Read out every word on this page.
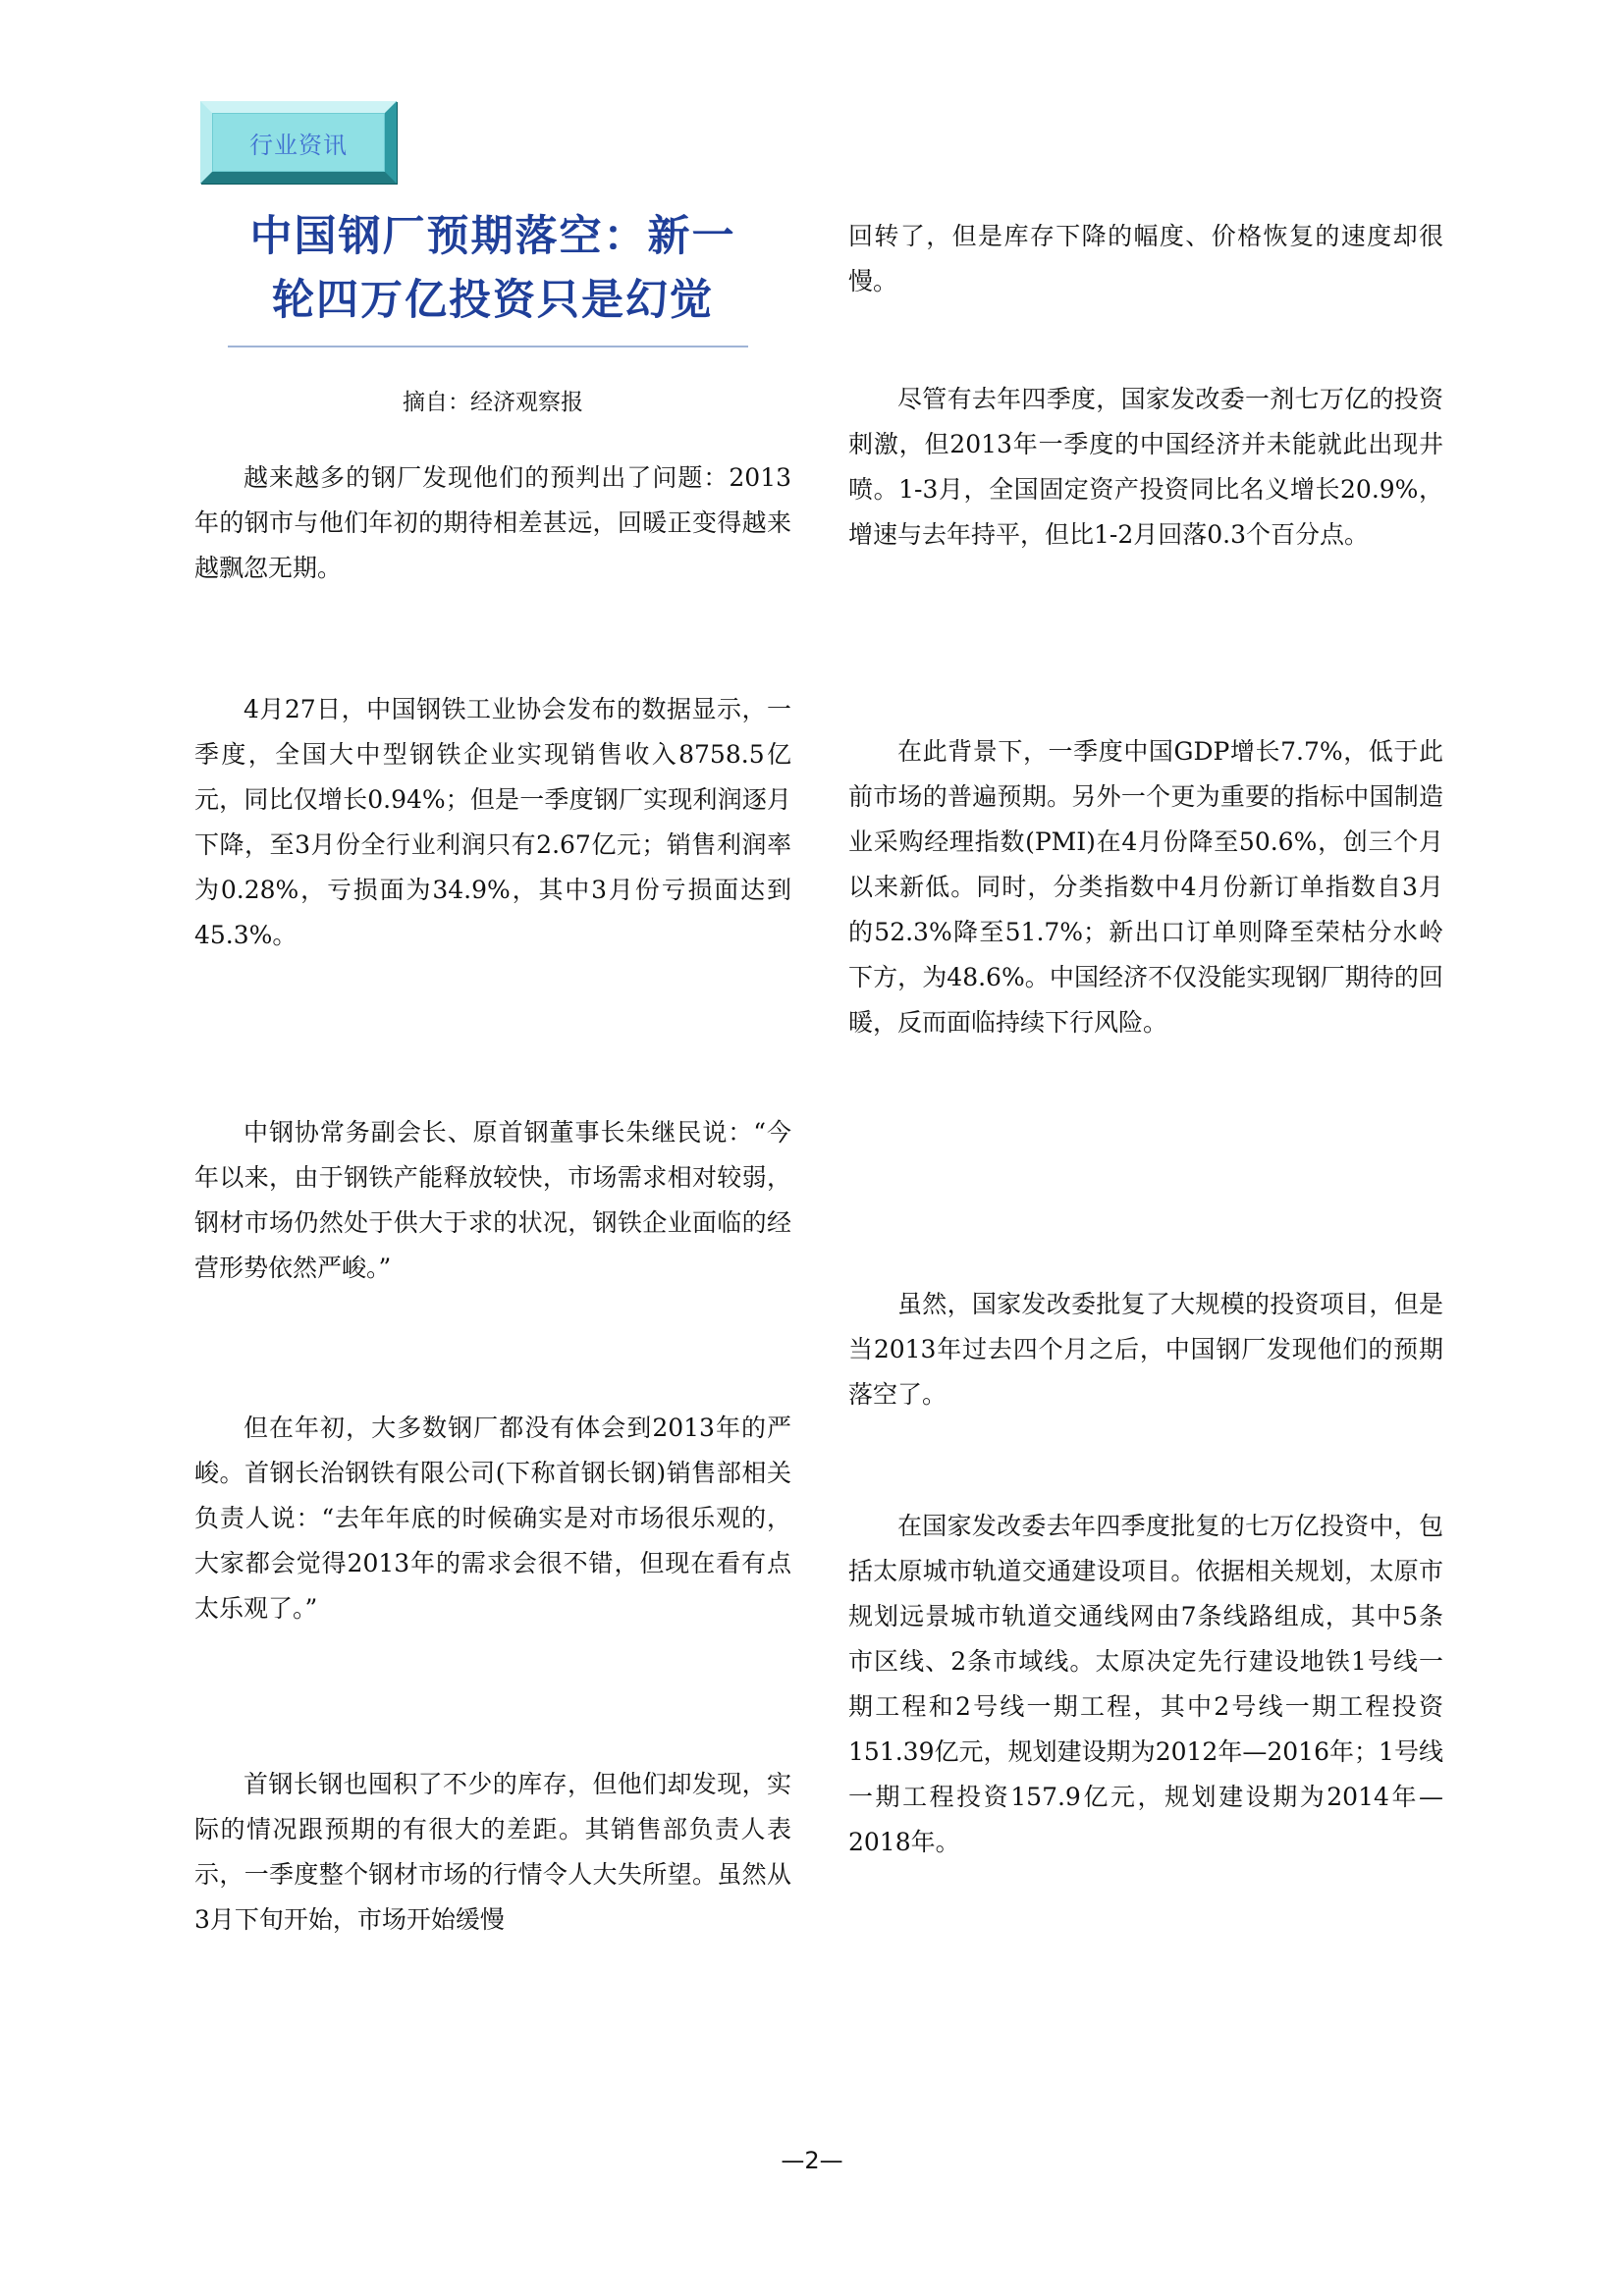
行业资讯
中国钢厂预期落空：新一
轮四万亿投资只是幻觉
摘自：经济观察报

越来越多的钢厂发现他们的预判出了问题：2013年的钢市与他们年初的期待相差甚远，回暖正变得越来越飘忽无期。

4月27日，中国钢铁工业协会发布的数据显示，一季度，全国大中型钢铁企业实现销售收入8758.5亿元，同比仅增长0.94%；但是一季度钢厂实现利润逐月下降，至3月份全行业利润只有2.67亿元；销售利润率为0.28%，亏损面为34.9%，其中3月份亏损面达到45.3%。

中钢协常务副会长、原首钢董事长朱继民说：“今年以来，由于钢铁产能释放较快，市场需求相对较弱，钢材市场仍然处于供大于求的状况，钢铁企业面临的经营形势依然严峻。”

但在年初，大多数钢厂都没有体会到2013年的严峻。首钢长治钢铁有限公司(下称首钢长钢)销售部相关负责人说：“去年年底的时候确实是对市场很乐观的，大家都会觉得2013年的需求会很不错，但现在看有点太乐观了。”

首钢长钢也囤积了不少的库存，但他们却发现，实际的情况跟预期的有很大的差距。其销售部负责人表示，一季度整个钢材市场的行情令人大失所望。虽然从3月下旬开始，市场开始缓慢

回转了，但是库存下降的幅度、价格恢复的速度却很慢。

尽管有去年四季度，国家发改委一剂七万亿的投资刺激，但2013年一季度的中国经济并未能就此出现井喷。1-3月，全国固定资产投资同比名义增长20.9%，增速与去年持平，但比1-2月回落0.3个百分点。

在此背景下，一季度中国GDP增长7.7%，低于此前市场的普遍预期。另外一个更为重要的指标中国制造业采购经理指数(PMI)在4月份降至50.6%，创三个月以来新低。同时，分类指数中4月份新订单指数自3月的52.3%降至51.7%；新出口订单则降至荣枯分水岭下方，为48.6%。中国经济不仅没能实现钢厂期待的回暖，反而面临持续下行风险。

虽然，国家发改委批复了大规模的投资项目，但是当2013年过去四个月之后，中国钢厂发现他们的预期落空了。

在国家发改委去年四季度批复的七万亿投资中，包括太原城市轨道交通建设项目。依据相关规划，太原市规划远景城市轨道交通线网由7条线路组成，其中5条市区线、2条市域线。太原决定先行建设地铁1号线一期工程和2号线一期工程，其中2号线一期工程投资151.39亿元，规划建设期为2012年—2016年；1号线一期工程投资157.9亿元，规划建设期为2014年—2018年。

—2—
